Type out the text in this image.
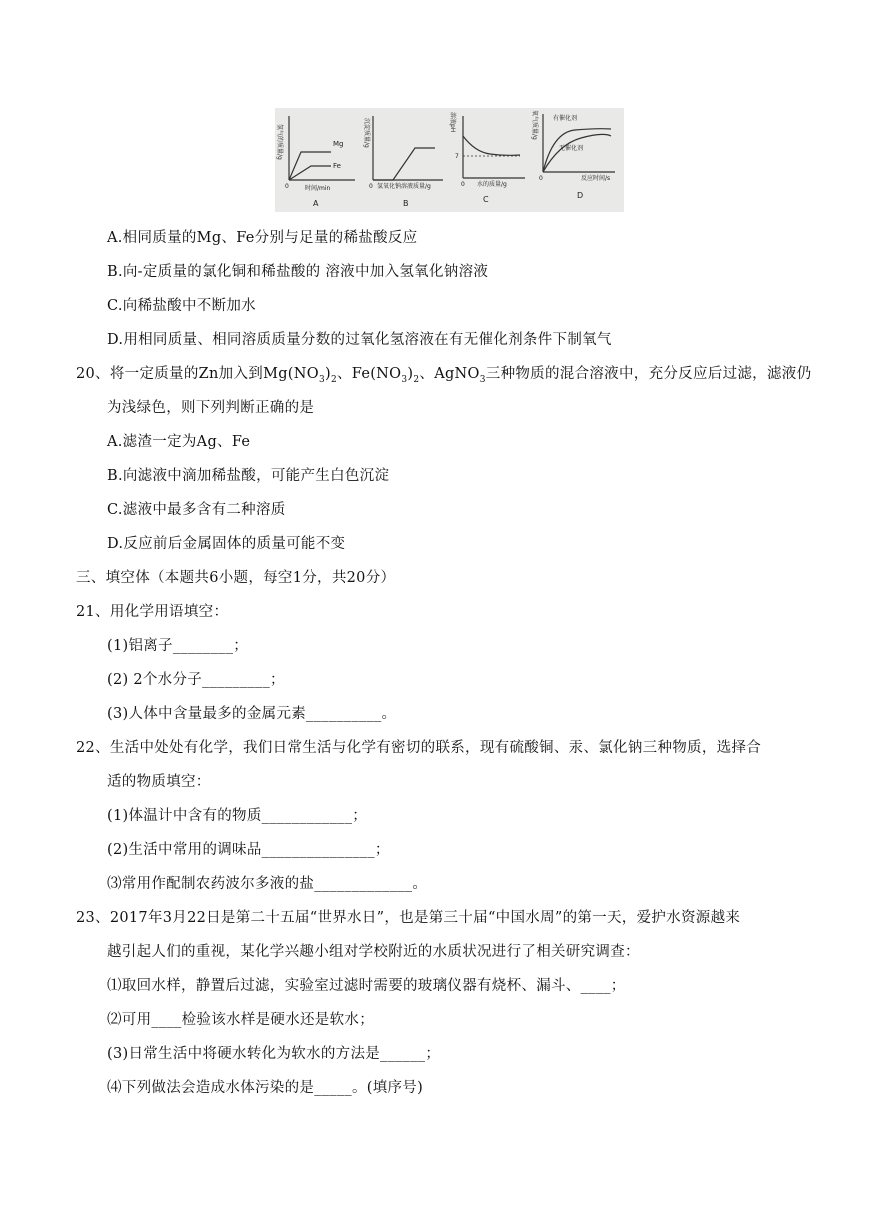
Mg
Fe
氢气的质量/g
时间/min
0
A
沉淀质量/g
氢氧化钠溶液质量/g
0
B
7
溶液pH
水的质量/g
0
C
有催化剂
无催化剂
氧气质量/g
反应时间/s
0
D
A.相同质量的Mg、Fe分别与足量的稀盐酸反应
B.向-定质量的氯化铜和稀盐酸的 溶液中加入氢氧化钠溶液
C.向稀盐酸中不断加水
D.用相同质量、相同溶质质量分数的过氧化氢溶液在有无催化剂条件下制氧气
20、将一定质量的Zn加入到$Mg(NO_3)_2$、$Fe(NO_3)_2$、AgNO$_3$三种物质的混合溶液中，充分反应后过滤，滤液仍
为浅绿色，则下列判断正确的是
A.滤渣一定为Ag、Fe
B.向滤液中滴加稀盐酸，可能产生白色沉淀
C.滤液中最多含有二种溶质
D.反应前后金属固体的质量可能不变
三、填空体（本题共6小题，每空1分，共20分）
21、用化学用语填空：
(1)铝离子________；
(2) 2个水分子_________；
(3)人体中含量最多的金属元素__________。
22、生活中处处有化学，我们日常生活与化学有密切的联系，现有硫酸铜、汞、氯化钠三种物质，选择合
适的物质填空：
(1)体温计中含有的物质____________；
(2)生活中常用的调味品_______________；
⑶常用作配制农药波尔多液的盐_____________。
23、2017年3月22日是第二十五届“世界水日”，也是第三十届“中国水周”的第一天，爱护水资源越来
越引起人们的重视，某化学兴趣小组对学校附近的水质状况进行了相关研究调查：
⑴取回水样，静置后过滤，实验室过滤时需要的玻璃仪器有烧杯、漏斗、____；
⑵可用____检验该水样是硬水还是软水；
(3)日常生活中将硬水转化为软水的方法是______；
⑷下列做法会造成水体污染的是_____。(填序号)
